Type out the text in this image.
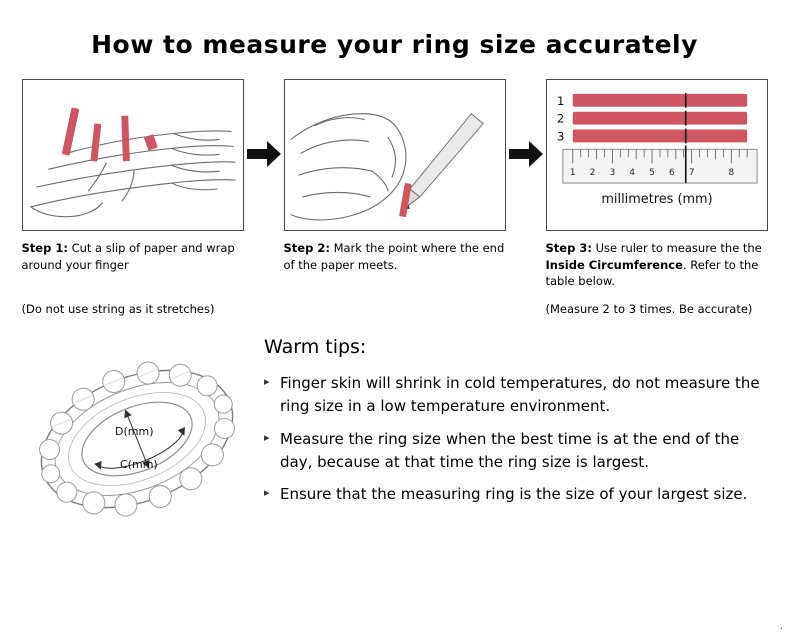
How to measure your ring size accurately
Step 1: Cut a slip of paper and wrap around your finger
(Do not use string as it stretches)
Step 2: Mark the point where the end of the paper meets.
1
2
3
1 2 3 4 5 6 7	8
millimetres (mm)
Step 3: Use ruler to measure the the Inside Circumference. Refer to the table below.
(Measure 2 to 3 times. Be accurate)
D(mm)
C(mm)
Warm tips:
▸ Finger skin will shrink in cold temperatures, do not measure the ring size in a low temperature environment.
▸ Measure the ring size when the best time is at the end of the day, because at that time the ring size is largest.
▸ Ensure that the measuring ring is the size of your largest size.
.
